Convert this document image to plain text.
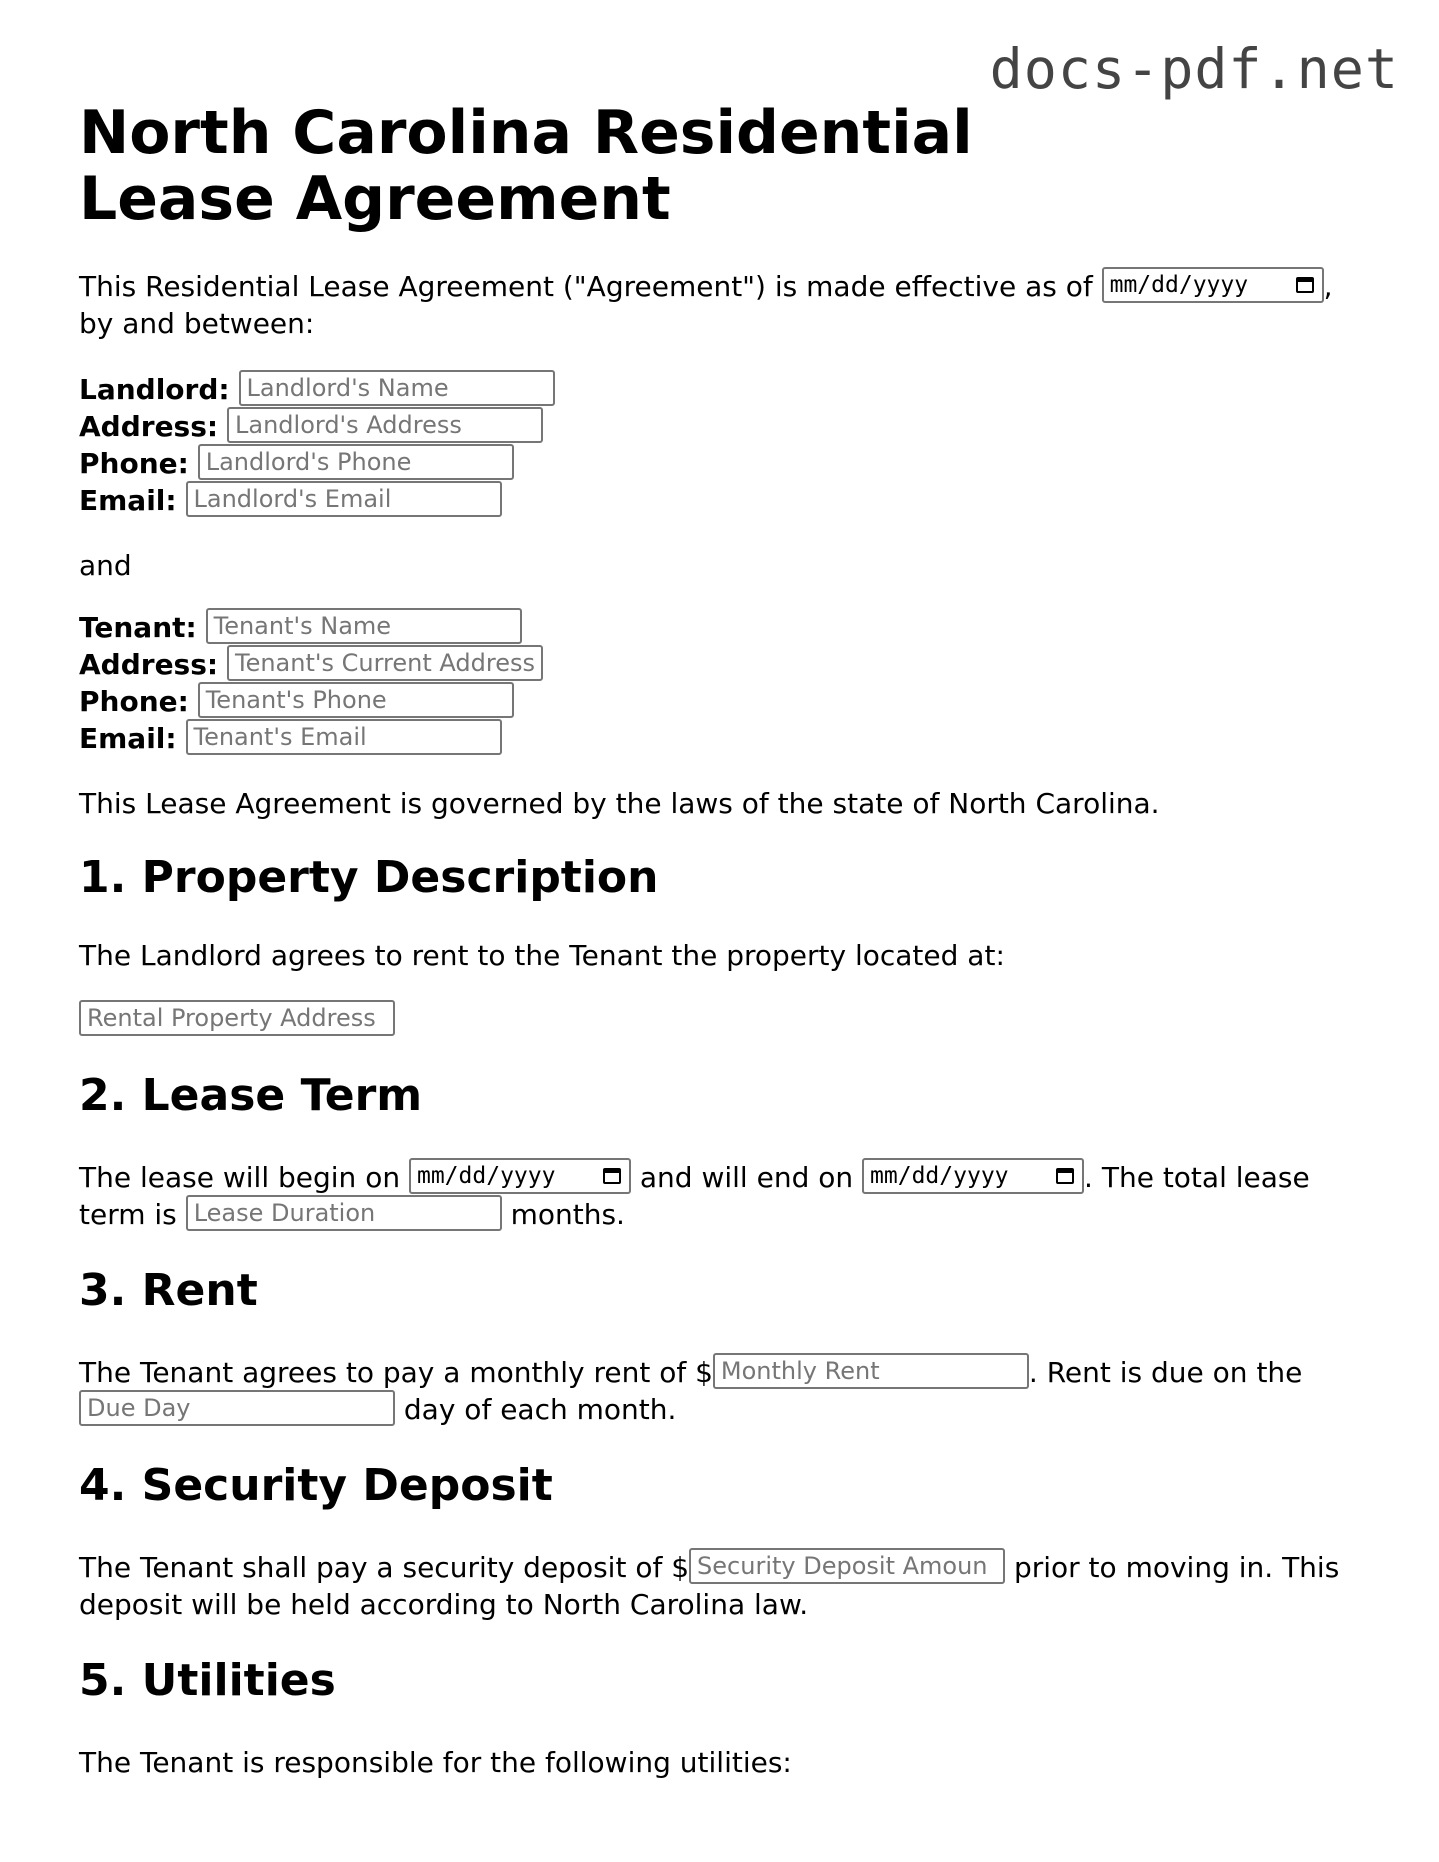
docs-pdf.net
North Carolina Residential Lease Agreement

This Residential Lease Agreement ("Agreement") is made effective as of mm/dd/yyyy	,

by and between:

Landlord: Landlord's Name

Address: Landlord's Address

Phone: Landlord's Phone

Email: Landlord's Email

and

Tenant: Tenant's Name

Address: Tenant's Current Address

Phone: Tenant's Phone

Email: Tenant's Email

This Lease Agreement is governed by the laws of the state of North Carolina.

1. Property Description

The Landlord agrees to rent to the Tenant the property located at:

Rental Property Address

2. Lease Term

The lease will begin on mm/dd/yyyy	and will end on mm/dd/yyyy	. The total lease

term is Lease Duration	months.

3. Rent

The Tenant agrees to pay a monthly rent of $ Monthly Rent	. Rent is due on the

Due Day	day of each month.

4. Security Deposit

The Tenant shall pay a security deposit of $ Security Deposit Amoun prior to moving in. This

deposit will be held according to North Carolina law.

5. Utilities

The Tenant is responsible for the following utilities:
